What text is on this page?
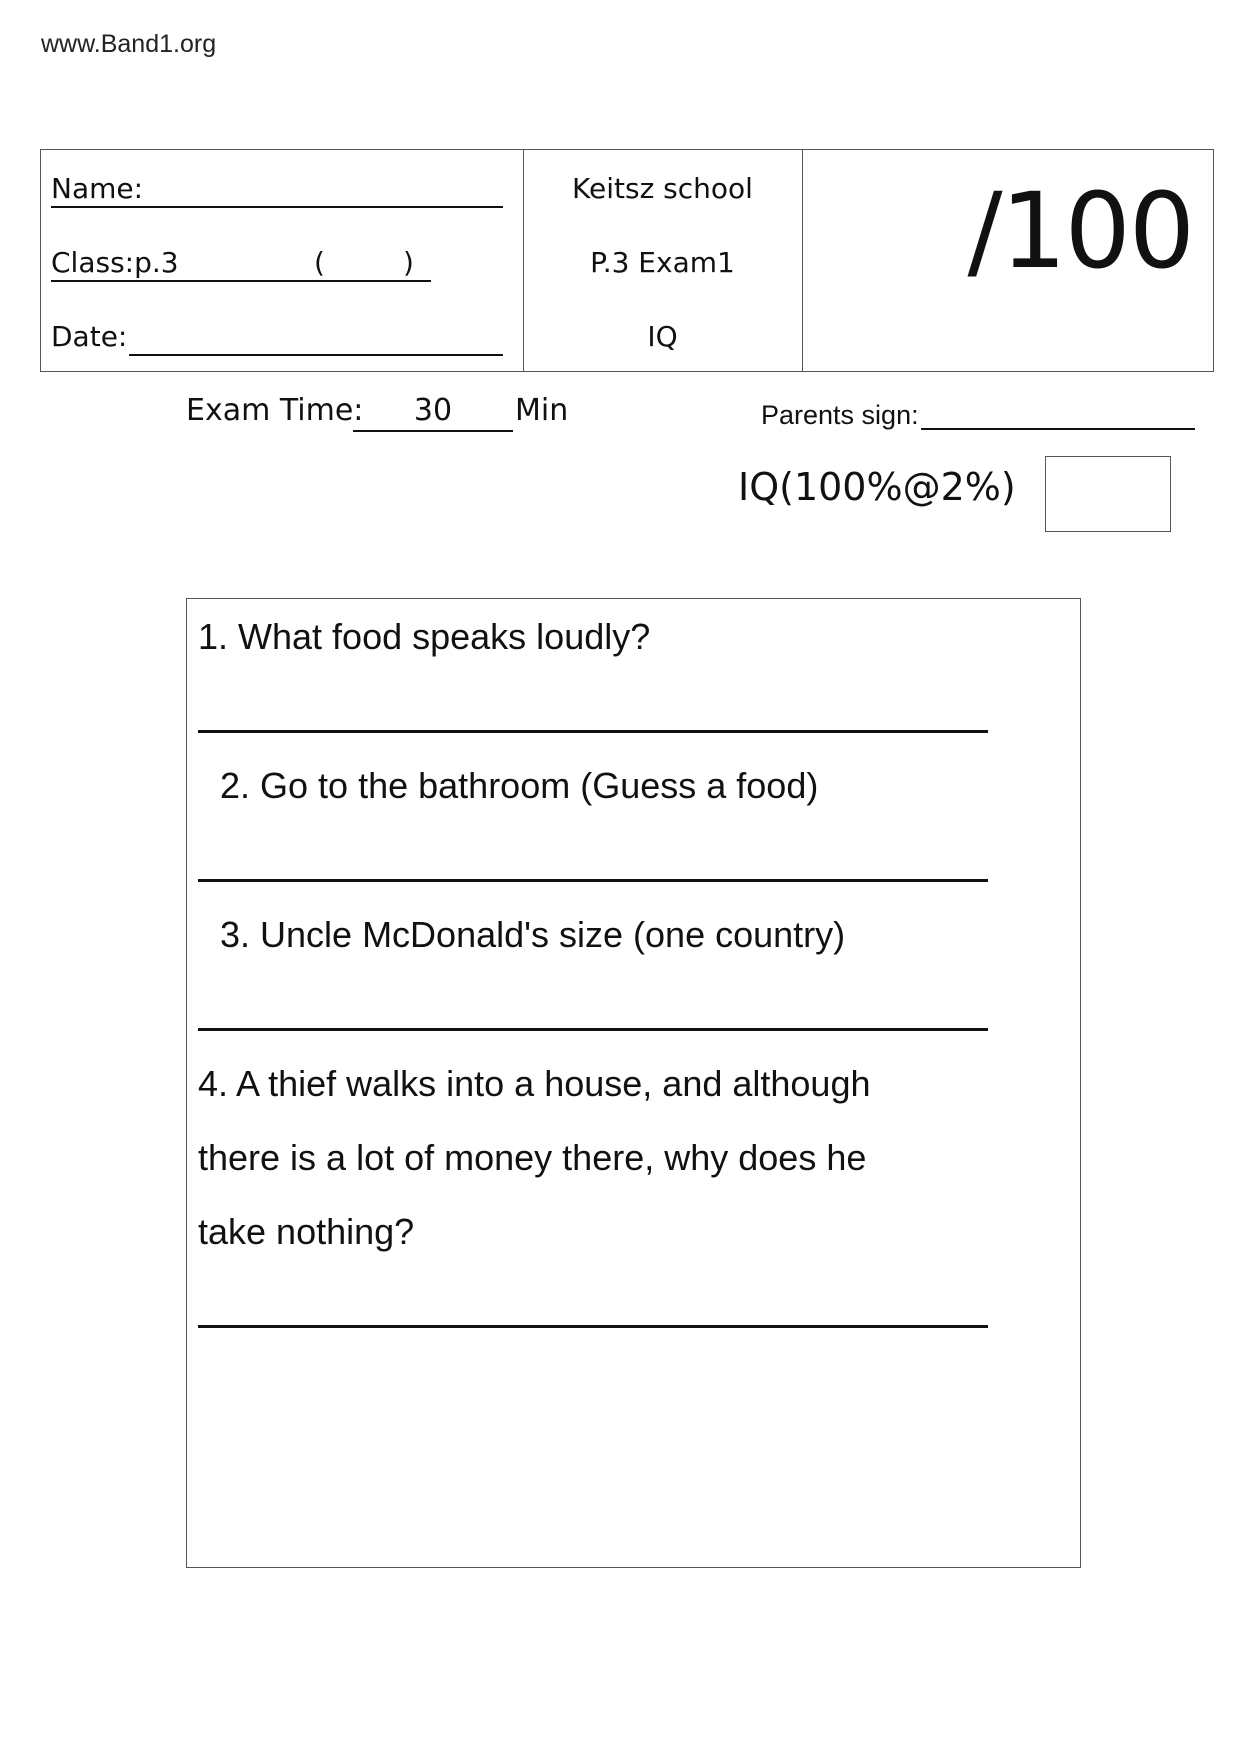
www.Band1.org
Name:
Class:p.3	(	)
Date:
Keitsz school
P.3 Exam1
IQ
/100
Exam Time:	30	Min	Parents sign:
IQ(100%@2%)
1. What food speaks loudly?
2. Go to the bathroom (Guess a food)
3. Uncle McDonald's size (one country)
4. A thief walks into a house, and although
there is a lot of money there, why does he
take nothing?
